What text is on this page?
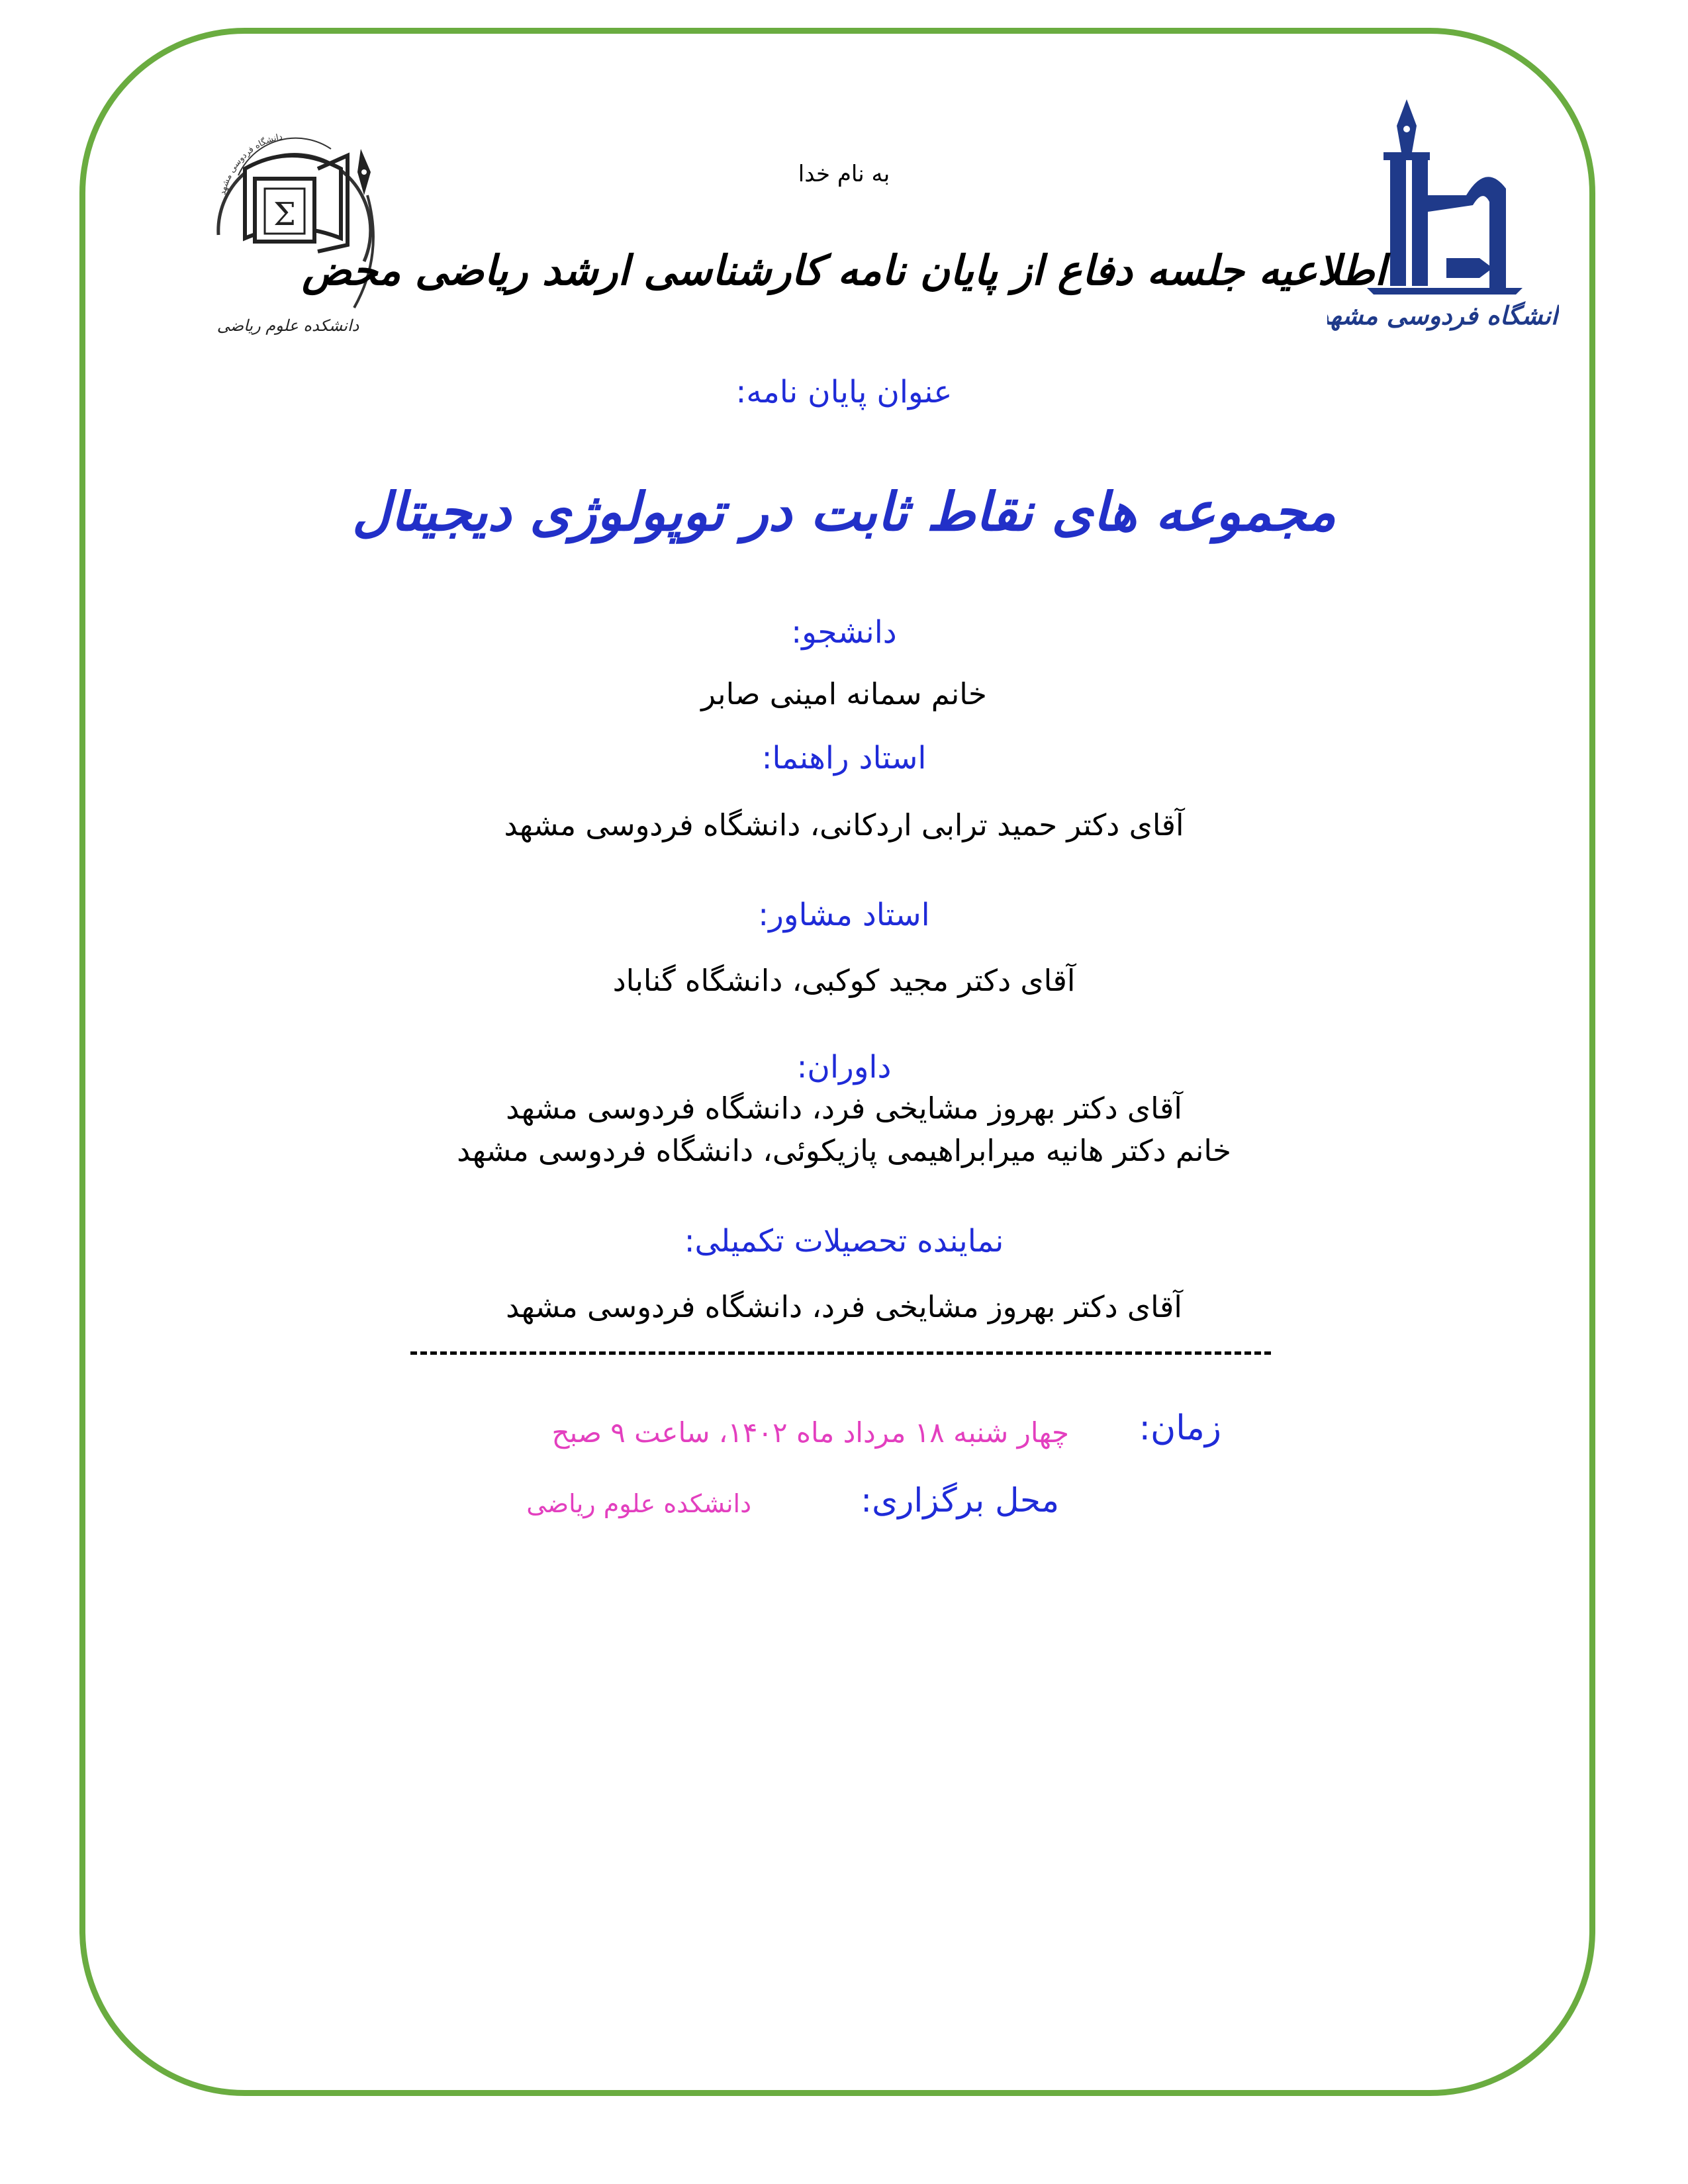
دانشگاه فردوسی مشهد
Σ
دانشکده علوم ریاضی	دانشگاه فردوسی مشهد
به نام خدا
اطلاعیه جلسه دفاع از پایان نامه کارشناسی ارشد ریاضی محض
عنوان پایان نامه:
مجموعه های نقاط ثابت در توپولوژی دیجیتال
دانشجو:
خانم سمانه امینی صابر
استاد راهنما:
آقای دکتر حمید ترابی اردکانی، دانشگاه فردوسی مشهد
استاد مشاور:
آقای دکتر مجید کوکبی، دانشگاه گناباد
داوران:
آقای دکتر بهروز مشایخی فرد، دانشگاه فردوسی مشهد
خانم دکتر هانیه میرابراهیمی پازیکوئی، دانشگاه فردوسی مشهد
نماینده تحصیلات تکمیلی:
آقای دکتر بهروز مشایخی فرد، دانشگاه فردوسی مشهد
زمان:
چهار شنبه ۱۸ مرداد ماه ۱۴۰۲، ساعت ۹ صبح
محل برگزاری:
دانشکده علوم ریاضی
